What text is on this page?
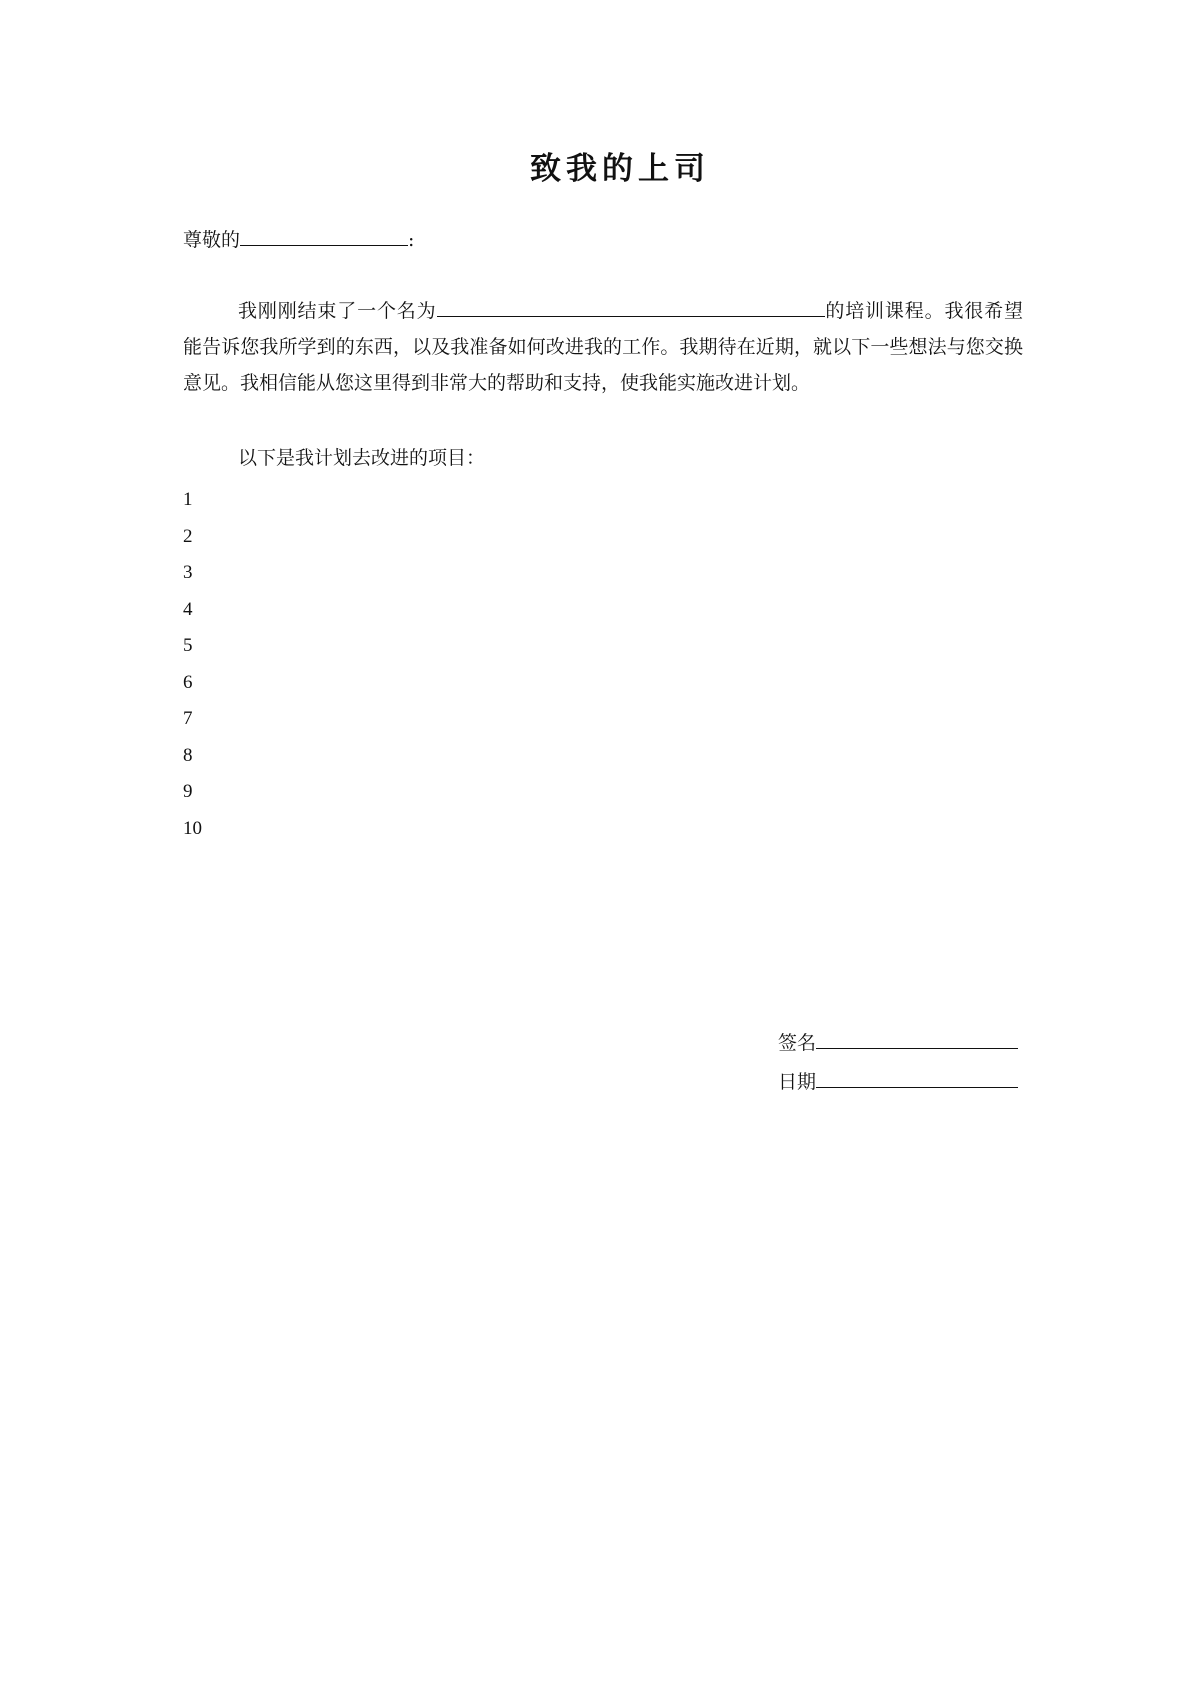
致我的上司
尊敬的	:
我刚刚结束了一个名为	的培训课程。我很希望能告诉您我所学到的东西，以及我准备如何改进我的工作。我期待在近期，就以下一些想法与您交换意见。我相信能从您这里得到非常大的帮助和支持，使我能实施改进计划。
以下是我计划去改进的项目：
1
2
3
4
5
6
7
8
9
10
签名
日期
